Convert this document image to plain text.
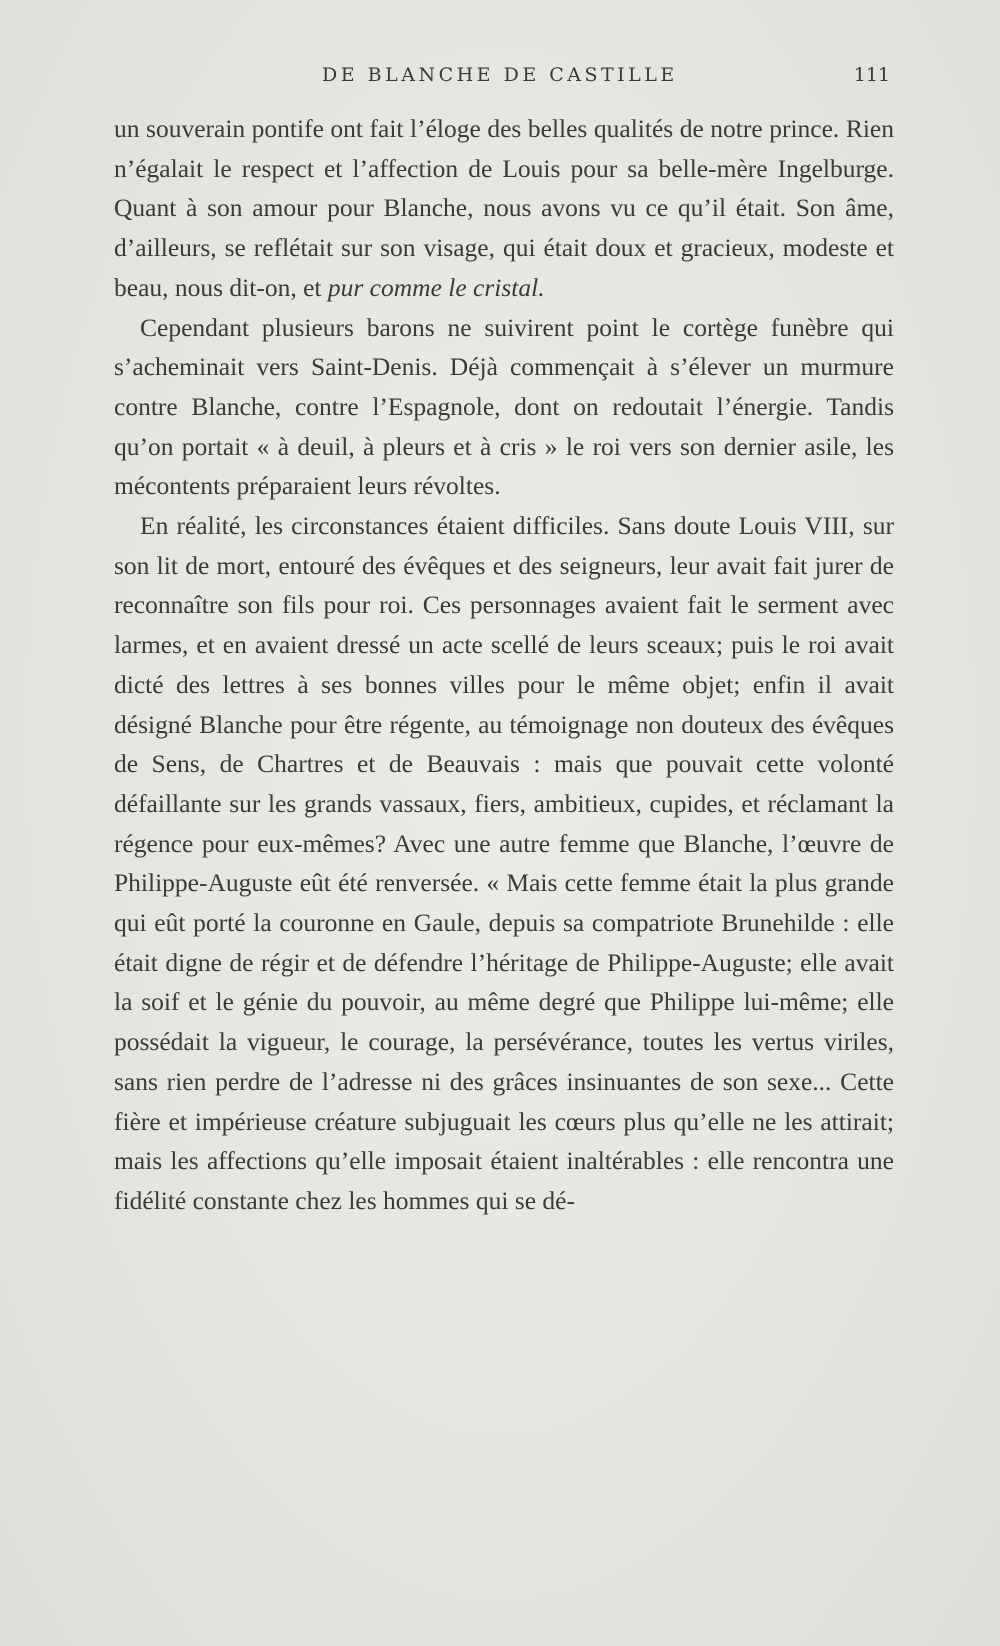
DE BLANCHE DE CASTILLE	111

un souverain pontife ont fait l’éloge des belles qualités de notre prince. Rien n’égalait le respect et l’affection de Louis pour sa belle-mère Ingelburge. Quant à son amour pour Blanche, nous avons vu ce qu’il était. Son âme, d’ailleurs, se reflétait sur son visage, qui était doux et gracieux, modeste et beau, nous dit-on, et pur comme le cristal.

Cependant plusieurs barons ne suivirent point le cortège funèbre qui s’acheminait vers Saint-Denis. Déjà commençait à s’élever un murmure contre Blanche, contre l’Espagnole, dont on redoutait l’énergie. Tandis qu’on portait « à deuil, à pleurs et à cris » le roi vers son dernier asile, les mécontents préparaient leurs révoltes.

En réalité, les circonstances étaient difficiles. Sans doute Louis VIII, sur son lit de mort, entouré des évêques et des seigneurs, leur avait fait jurer de reconnaître son fils pour roi. Ces personnages avaient fait le serment avec larmes, et en avaient dressé un acte scellé de leurs sceaux; puis le roi avait dicté des lettres à ses bonnes villes pour le même objet; enfin il avait désigné Blanche pour être régente, au témoignage non douteux des évêques de Sens, de Chartres et de Beauvais : mais que pouvait cette volonté défaillante sur les grands vassaux, fiers, ambitieux, cupides, et réclamant la régence pour eux-mêmes? Avec une autre femme que Blanche, l’œuvre de Philippe-Auguste eût été renversée. « Mais cette femme était la plus grande qui eût porté la couronne en Gaule, depuis sa compatriote Brunehilde : elle était digne de régir et de défendre l’héritage de Philippe-Auguste; elle avait la soif et le génie du pouvoir, au même degré que Philippe lui-même; elle possédait la vigueur, le courage, la persévérance, toutes les vertus viriles, sans rien perdre de l’adresse ni des grâces insinuantes de son sexe... Cette fière et impérieuse créature subjuguait les cœurs plus qu’elle ne les attirait; mais les affections qu’elle imposait étaient inaltérables : elle rencontra une fidélité constante chez les hommes qui se dé-
